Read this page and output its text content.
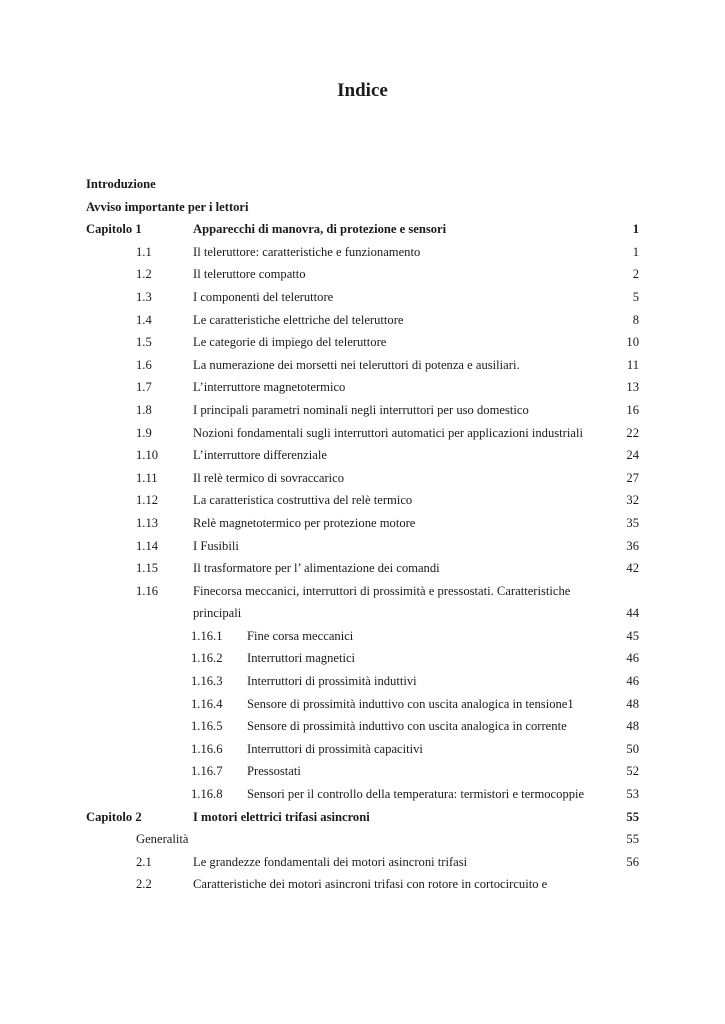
Indice
Introduzione
Avviso importante per i lettori
Capitolo 1	Apparecchi di manovra, di protezione e sensori	1
1.1	Il teleruttore: caratteristiche e funzionamento	1
1.2	Il teleruttore compatto	2
1.3	I componenti del teleruttore	5
1.4	Le caratteristiche elettriche del teleruttore	8
1.5	Le categorie di impiego del teleruttore	10
1.6	La numerazione dei morsetti nei teleruttori di potenza e ausiliari.	11
1.7	L’interruttore magnetotermico	13
1.8	I principali parametri nominali negli interruttori per uso domestico	16
1.9	Nozioni fondamentali sugli interruttori automatici per applicazioni industriali	22
1.10	L’interruttore differenziale	24
1.11	Il relè termico di sovraccarico	27
1.12	La caratteristica costruttiva del relè termico	32
1.13	Relè magnetotermico per protezione motore	35
1.14	I Fusibili	36
1.15	Il trasformatore per l’ alimentazione dei comandi	42
1.16	Finecorsa meccanici, interruttori di prossimità e pressostati. Caratteristiche
principali	44
1.16.1 Fine corsa meccanici	45
1.16.2 Interruttori magnetici	46
1.16.3 Interruttori di prossimità induttivi	46
1.16.4 Sensore di prossimità induttivo con uscita analogica in tensione1	48
1.16.5 Sensore di prossimità induttivo con uscita analogica in corrente	48
1.16.6 Interruttori di prossimità capacitivi	50
1.16.7 Pressostati	52
1.16.8 Sensori per il controllo della temperatura: termistori e termocoppie	53
Capitolo 2	I motori elettrici trifasi asincroni	55
Generalità	55
2.1	Le grandezze fondamentali dei motori asincroni trifasi	56
2.2	Caratteristiche dei motori asincroni trifasi con rotore in cortocircuito e
